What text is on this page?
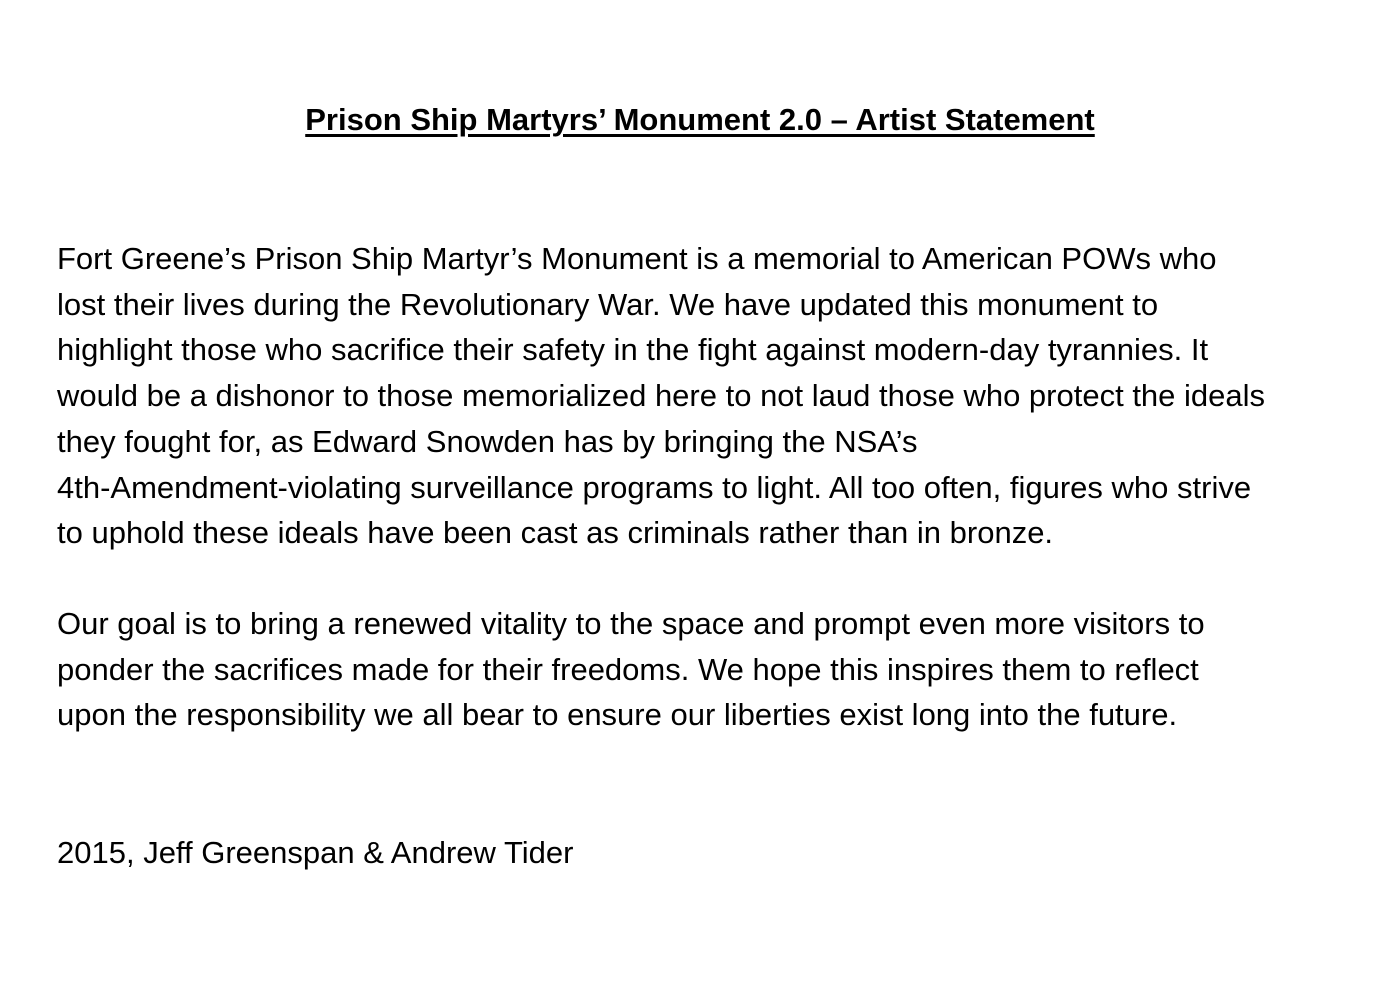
Prison Ship Martyrs’ Monument 2.0 – Artist Statement

Fort Greene’s Prison Ship Martyr’s Monument is a memorial to American POWs who
lost their lives during the Revolutionary War. We have updated this monument to
highlight those who sacrifice their safety in the fight against modern-day tyrannies. It
would be a dishonor to those memorialized here to not laud those who protect the ideals
they fought for, as Edward Snowden has by bringing the NSA’s
4th-Amendment-violating surveillance programs to light. All too often, figures who strive
to uphold these ideals have been cast as criminals rather than in bronze.

Our goal is to bring a renewed vitality to the space and prompt even more visitors to
ponder the sacrifices made for their freedoms. We hope this inspires them to reflect
upon the responsibility we all bear to ensure our liberties exist long into the future.

2015, Jeff Greenspan & Andrew Tider
